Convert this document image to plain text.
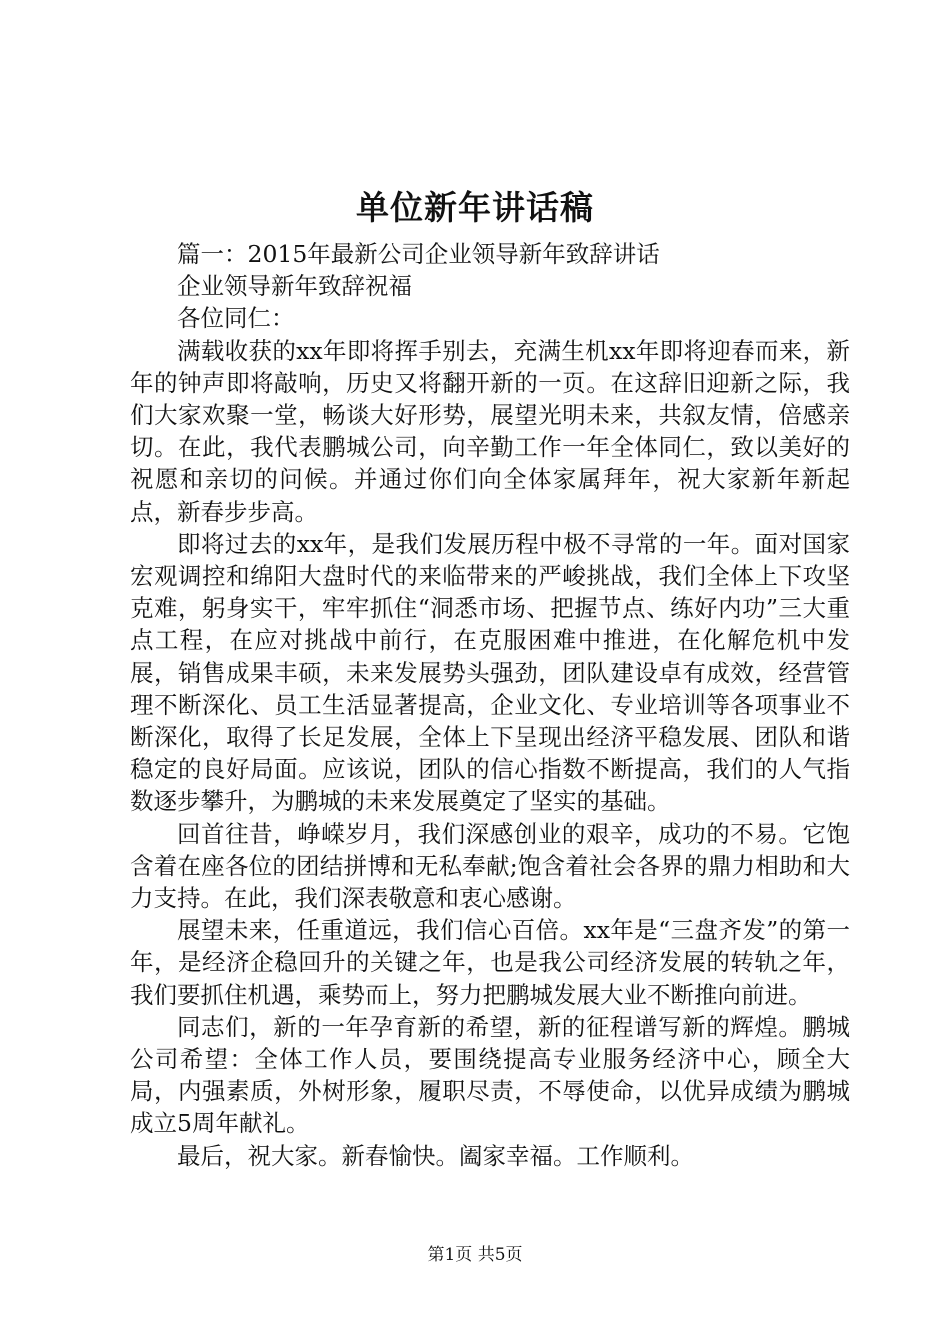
单位新年讲话稿

篇一：2015年最新公司企业领导新年致辞讲话

企业领导新年致辞祝福

各位同仁：

满载收获的xx年即将挥手别去，充满生机xx年即将迎春而来，新年的钟声即将敲响，历史又将翻开新的一页。在这辞旧迎新之际，我们大家欢聚一堂，畅谈大好形势，展望光明未来，共叙友情，倍感亲切。在此，我代表鹏城公司，向辛勤工作一年全体同仁，致以美好的祝愿和亲切的问候。并通过你们向全体家属拜年，祝大家新年新起点，新春步步高。

即将过去的xx年，是我们发展历程中极不寻常的一年。面对国家宏观调控和绵阳大盘时代的来临带来的严峻挑战，我们全体上下攻坚克难，躬身实干，牢牢抓住“洞悉市场、把握节点、练好内功”三大重点工程，在应对挑战中前行，在克服困难中推进，在化解危机中发展，销售成果丰硕，未来发展势头强劲，团队建设卓有成效，经营管理不断深化、员工生活显著提高，企业文化、专业培训等各项事业不断深化，取得了长足发展，全体上下呈现出经济平稳发展、团队和谐稳定的良好局面。应该说，团队的信心指数不断提高，我们的人气指数逐步攀升，为鹏城的未来发展奠定了坚实的基础。

回首往昔，峥嵘岁月，我们深感创业的艰辛，成功的不易。它饱含着在座各位的团结拼博和无私奉献;饱含着社会各界的鼎力相助和大力支持。在此，我们深表敬意和衷心感谢。

展望未来，任重道远，我们信心百倍。xx年是“三盘齐发”的第一年，是经济企稳回升的关键之年，也是我公司经济发展的转轨之年，我们要抓住机遇，乘势而上，努力把鹏城发展大业不断推向前进。

同志们，新的一年孕育新的希望，新的征程谱写新的辉煌。鹏城公司希望：全体工作人员，要围绕提高专业服务经济中心，顾全大局，内强素质，外树形象，履职尽责，不辱使命，以优异成绩为鹏城成立5周年献礼。

最后，祝大家。新春愉快。阖家幸福。工作顺利。

第1页 共5页
